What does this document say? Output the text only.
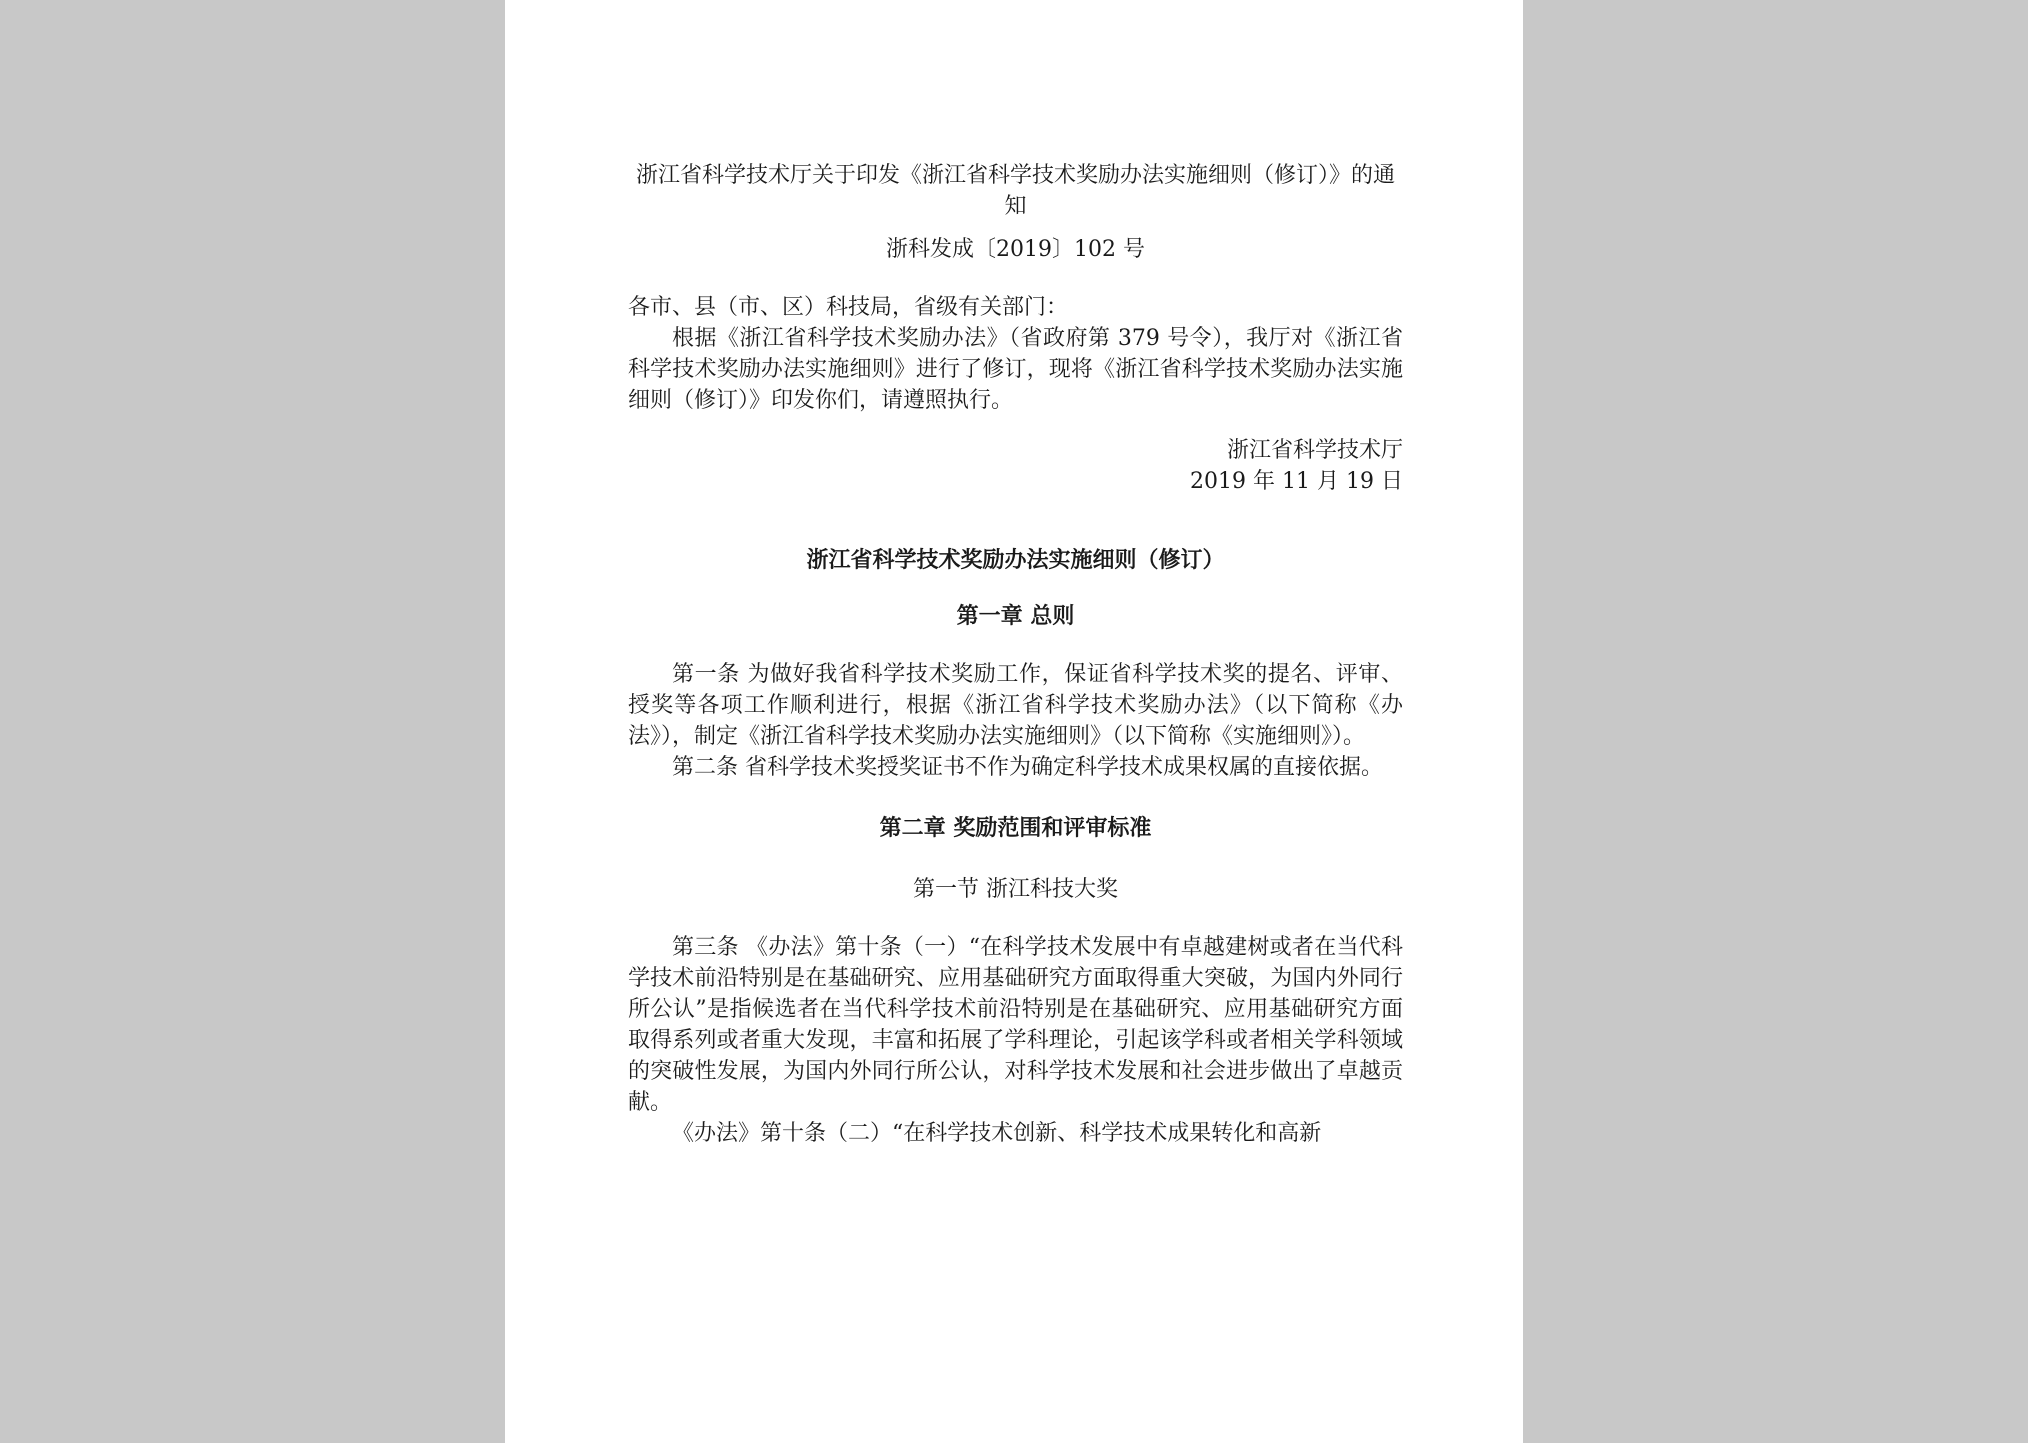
浙江省科学技术厅关于印发《浙江省科学技术奖励办法实施细则（修订）》的通知

浙科发成〔2019〕102 号

各市、县（市、区）科技局，省级有关部门：

根据《浙江省科学技术奖励办法》（省政府第 379 号令），我厅对《浙江省科学技术奖励办法实施细则》进行了修订，现将《浙江省科学技术奖励办法实施细则（修订）》印发你们，请遵照执行。

浙江省科学技术厅

2019 年 11 月 19 日

浙江省科学技术奖励办法实施细则（修订）

第一章 总则

第一条 为做好我省科学技术奖励工作，保证省科学技术奖的提名、评审、授奖等各项工作顺利进行，根据《浙江省科学技术奖励办法》（以下简称《办法》），制定《浙江省科学技术奖励办法实施细则》（以下简称《实施细则》）。

第二条 省科学技术奖授奖证书不作为确定科学技术成果权属的直接依据。

第二章 奖励范围和评审标准

第一节 浙江科技大奖

第三条 《办法》第十条（一）“在科学技术发展中有卓越建树或者在当代科学技术前沿特别是在基础研究、应用基础研究方面取得重大突破，为国内外同行所公认”是指候选者在当代科学技术前沿特别是在基础研究、应用基础研究方面取得系列或者重大发现，丰富和拓展了学科理论，引起该学科或者相关学科领域的突破性发展，为国内外同行所公认，对科学技术发展和社会进步做出了卓越贡献。

《办法》第十条（二）“在科学技术创新、科学技术成果转化和高新
